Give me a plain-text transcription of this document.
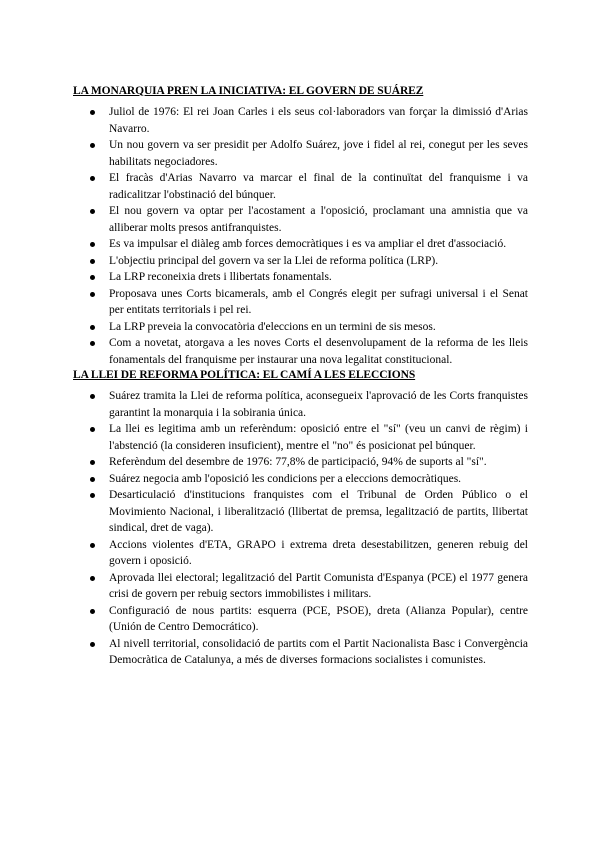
LA MONARQUIA PREN LA INICIATIVA: EL GOVERN DE SUÁREZ
Juliol de 1976: El rei Joan Carles i els seus col·laboradors van forçar la dimissió d'Arias Navarro.
Un nou govern va ser presidit per Adolfo Suárez, jove i fidel al rei, conegut per les seves habilitats negociadores.
El fracàs d'Arias Navarro va marcar el final de la continuïtat del franquisme i va radicalitzar l'obstinació del búnquer.
El nou govern va optar per l'acostament a l'oposició, proclamant una amnistia que va alliberar molts presos antifranquistes.
Es va impulsar el diàleg amb forces democràtiques i es va ampliar el dret d'associació.
L'objectiu principal del govern va ser la Llei de reforma política (LRP).
La LRP reconeixia drets i llibertats fonamentals.
Proposava unes Corts bicamerals, amb el Congrés elegit per sufragi universal i el Senat per entitats territorials i pel rei.
La LRP preveia la convocatòria d'eleccions en un termini de sis mesos.
Com a novetat, atorgava a les noves Corts el desenvolupament de la reforma de les lleis fonamentals del franquisme per instaurar una nova legalitat constitucional.
LA LLEI DE REFORMA POLÍTICA: EL CAMÍ A LES ELECCIONS
Suárez tramita la Llei de reforma política, aconsegueix l'aprovació de les Corts franquistes garantint la monarquia i la sobirania única.
La llei es legitima amb un referèndum: oposició entre el "sí" (veu un canvi de règim) i l'abstenció (la consideren insuficient), mentre el "no" és posicionat pel búnquer.
Referèndum del desembre de 1976: 77,8% de participació, 94% de suports al "sí".
Suárez negocia amb l'oposició les condicions per a eleccions democràtiques.
Desarticulació d'institucions franquistes com el Tribunal de Orden Público o el Movimiento Nacional, i liberalització (llibertat de premsa, legalització de partits, llibertat sindical, dret de vaga).
Accions violentes d'ETA, GRAPO i extrema dreta desestabilitzen, generen rebuig del govern i oposició.
Aprovada llei electoral; legalització del Partit Comunista d'Espanya (PCE) el 1977 genera crisi de govern per rebuig sectors immobilistes i militars.
Configuració de nous partits: esquerra (PCE, PSOE), dreta (Alianza Popular), centre (Unión de Centro Democrático).
Al nivell territorial, consolidació de partits com el Partit Nacionalista Basc i Convergència Democràtica de Catalunya, a més de diverses formacions socialistes i comunistes.
